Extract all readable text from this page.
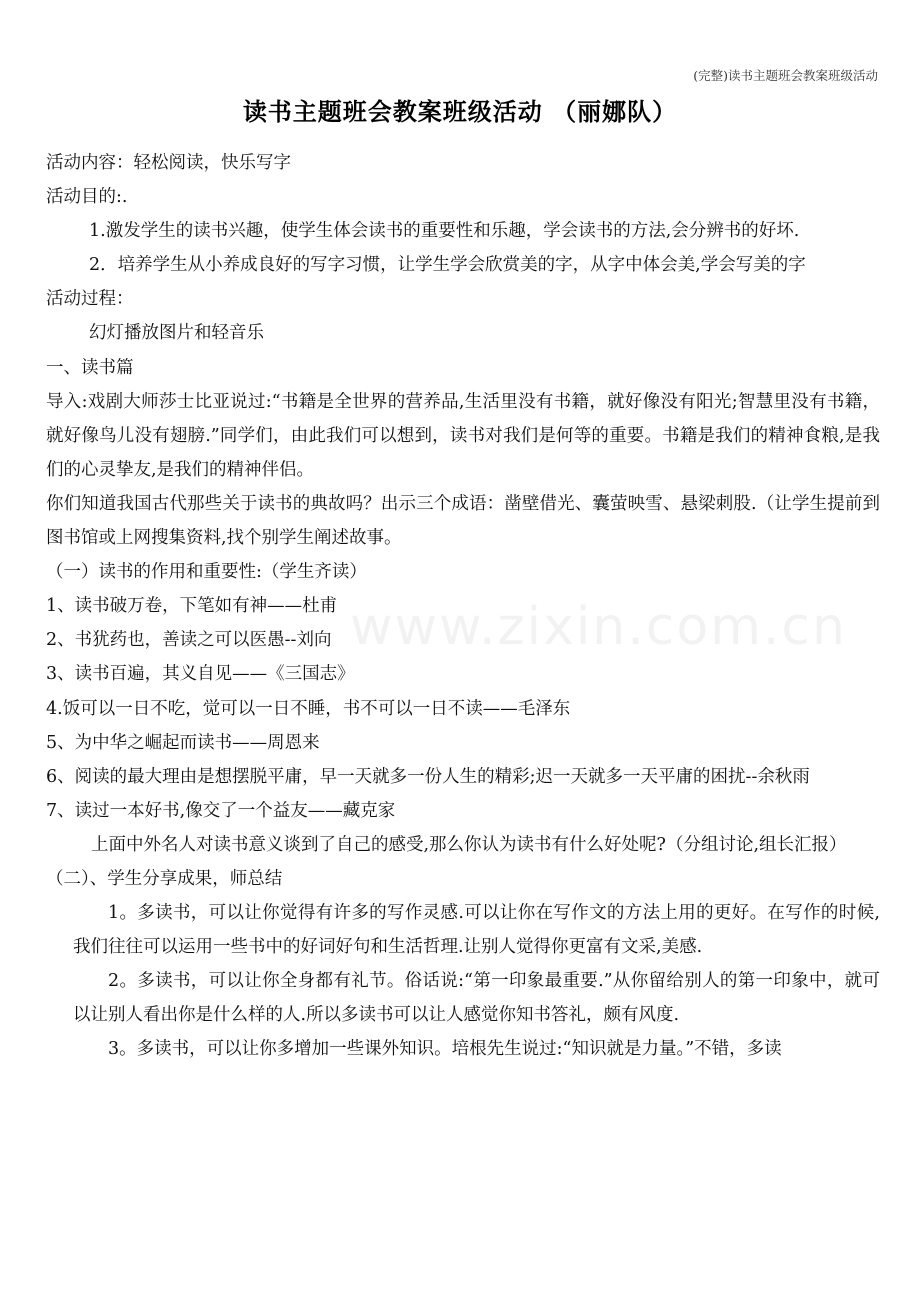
(完整)读书主题班会教案班级活动
读书主题班会教案班级活动 （丽娜队）
www.zixin.com.cn
活动内容：轻松阅读，快乐写字
活动目的:.
1.激发学生的读书兴趣，使学生体会读书的重要性和乐趣，学会读书的方法,会分辨书的好坏.
2．培养学生从小养成良好的写字习惯，让学生学会欣赏美的字，从字中体会美,学会写美的字
活动过程：
幻灯播放图片和轻音乐
一、读书篇
导入:戏剧大师莎士比亚说过:“书籍是全世界的营养品,生活里没有书籍，就好像没有阳光;智慧里没有书籍，就好像鸟儿没有翅膀.”同学们，由此我们可以想到，读书对我们是何等的重要。书籍是我们的精神食粮,是我们的心灵挚友,是我们的精神伴侣。
你们知道我国古代那些关于读书的典故吗？出示三个成语：凿壁借光、囊萤映雪、悬梁刺股.（让学生提前到图书馆或上网搜集资料,找个别学生阐述故事。
（一）读书的作用和重要性:（学生齐读）
1、读书破万卷，下笔如有神——杜甫
2、书犹药也，善读之可以医愚--刘向
3、读书百遍，其义自见——《三国志》
4.饭可以一日不吃，觉可以一日不睡，书不可以一日不读——毛泽东
5、为中华之崛起而读书——周恩来
6、阅读的最大理由是想摆脱平庸，早一天就多一份人生的精彩;迟一天就多一天平庸的困扰--余秋雨
7、读过一本好书,像交了一个益友——藏克家
上面中外名人对读书意义谈到了自己的感受,那么你认为读书有什么好处呢?（分组讨论,组长汇报）
（二）、学生分享成果，师总结
1。多读书，可以让你觉得有许多的写作灵感.可以让你在写作文的方法上用的更好。在写作的时候,我们往往可以运用一些书中的好词好句和生活哲理.让别人觉得你更富有文采,美感.
2。多读书，可以让你全身都有礼节。俗话说:“第一印象最重要.”从你留给别人的第一印象中，就可以让别人看出你是什么样的人.所以多读书可以让人感觉你知书答礼，颇有风度.
3。多读书，可以让你多增加一些课外知识。培根先生说过:“知识就是力量。”不错，多读
